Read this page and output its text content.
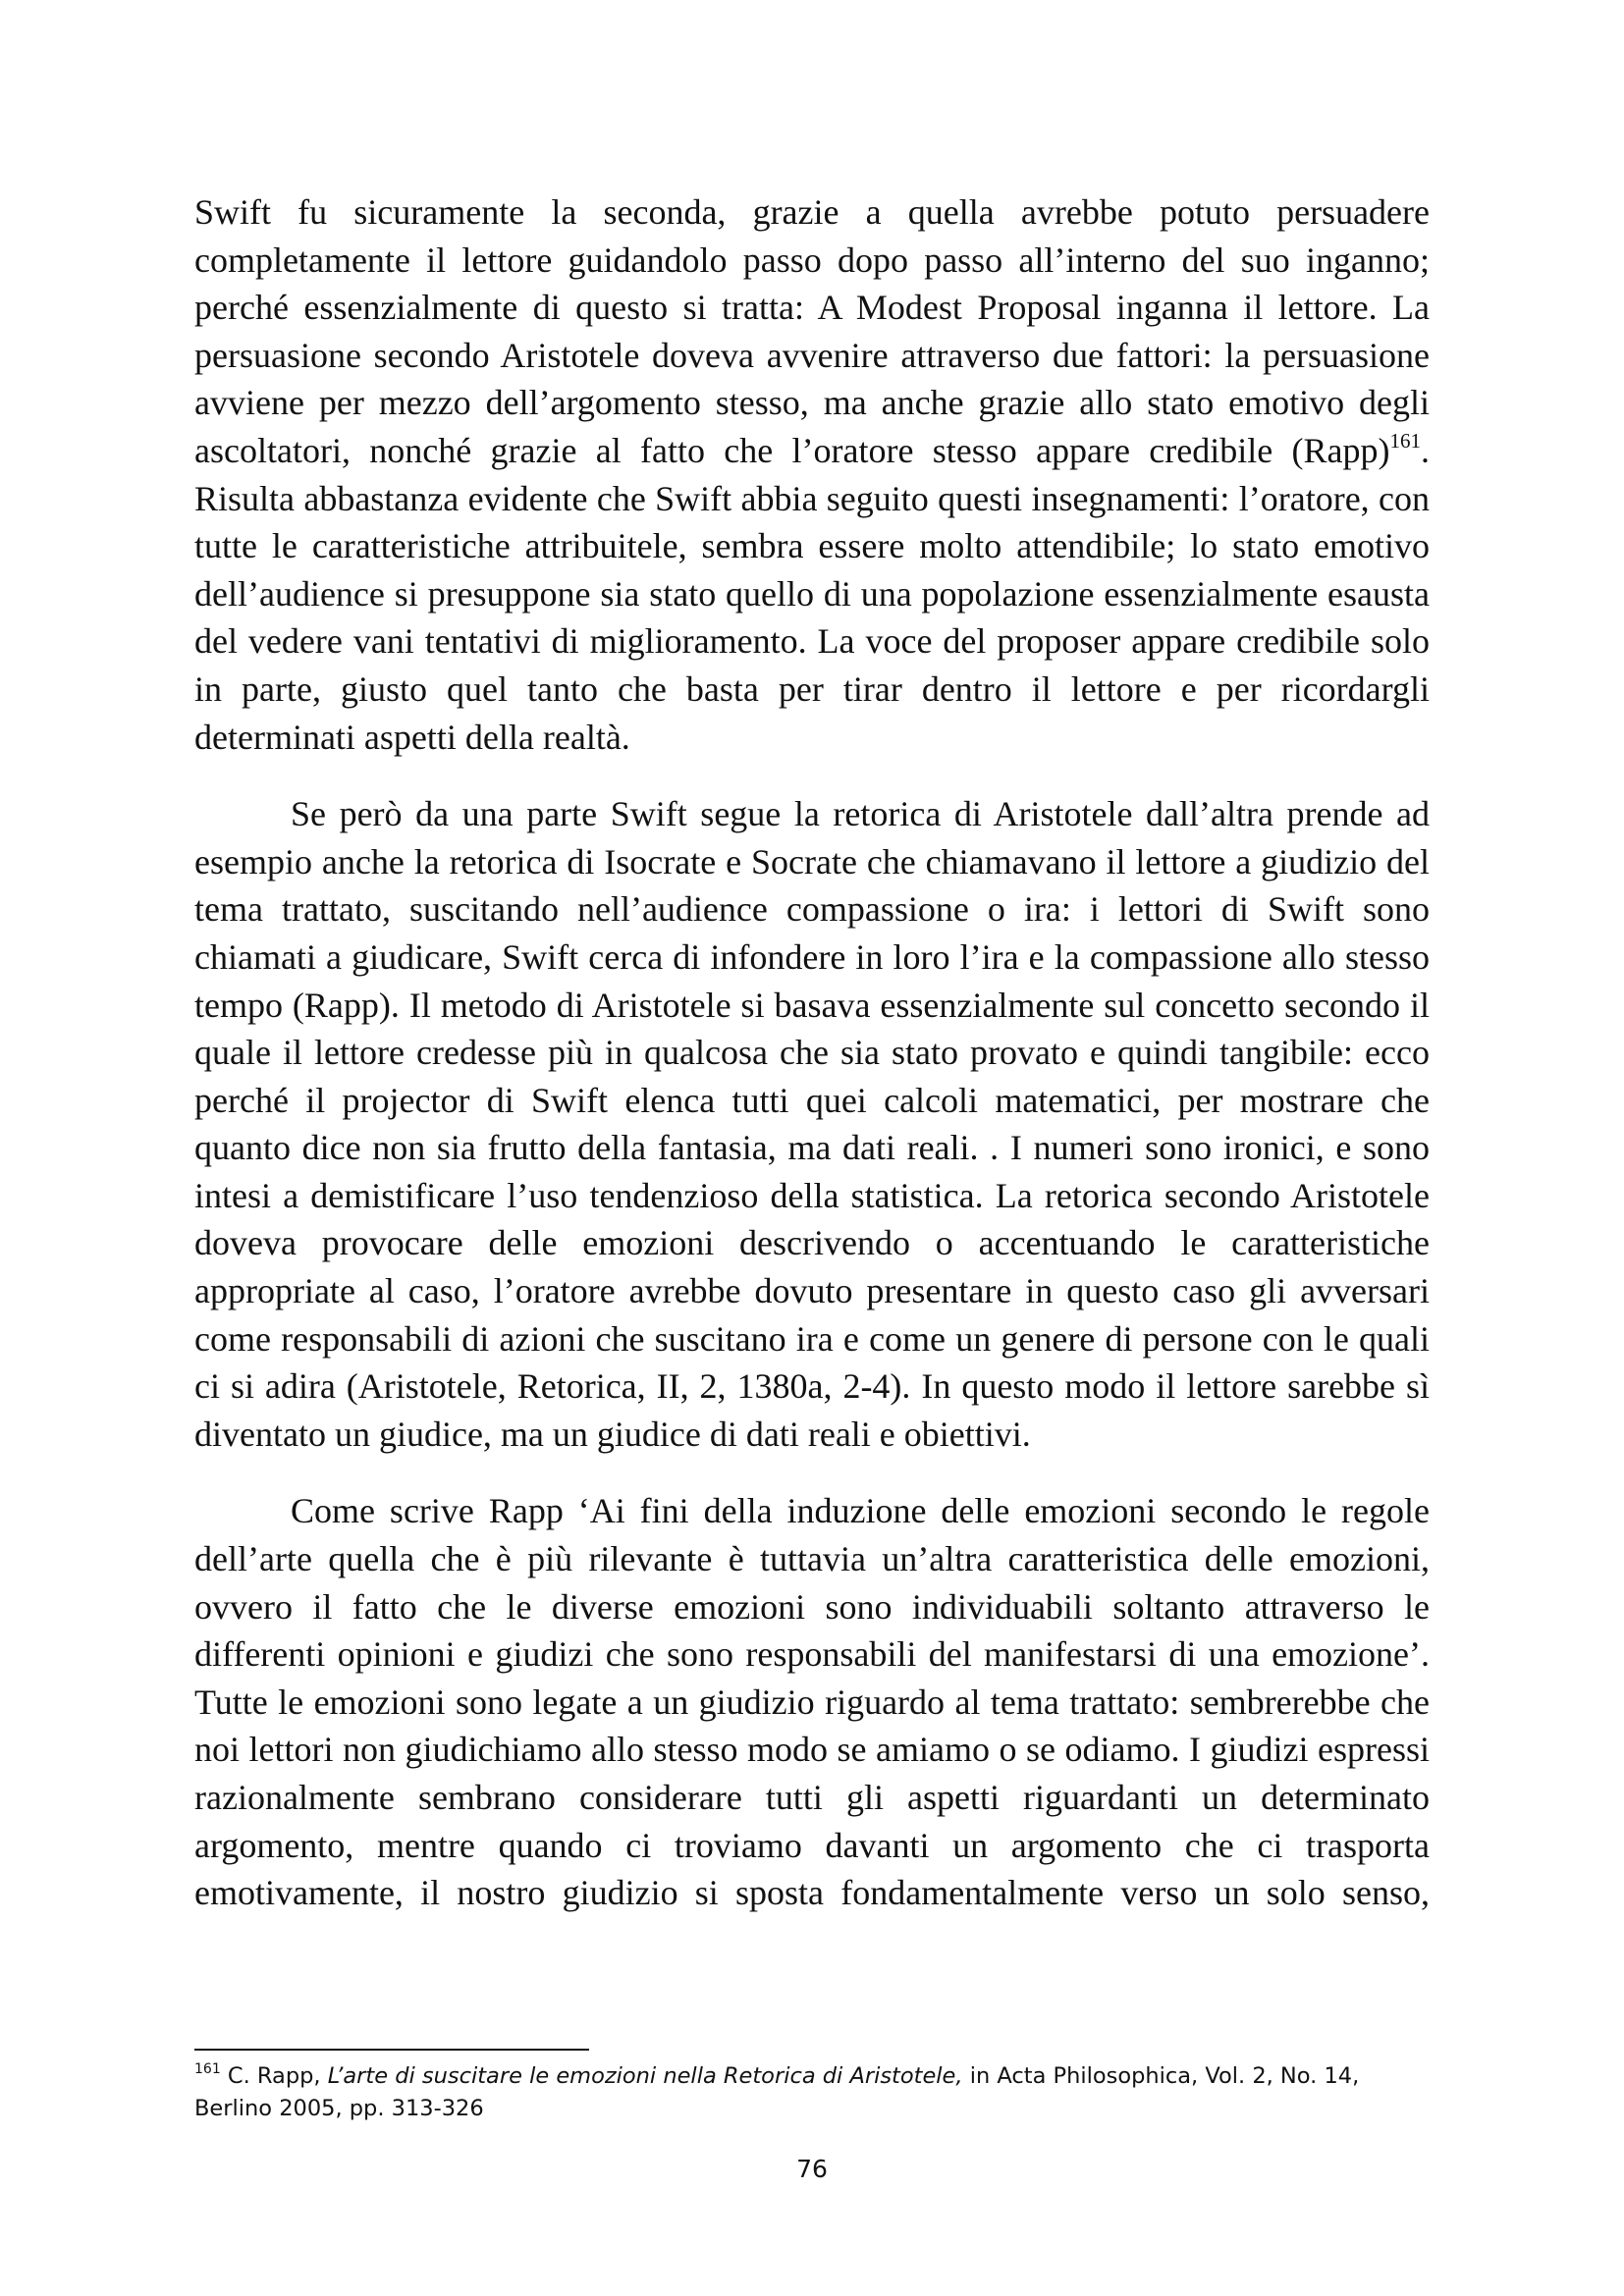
Swift fu sicuramente la seconda, grazie a quella avrebbe potuto persuadere

completamente il lettore guidandolo passo dopo passo all’interno del suo inganno;

perché essenzialmente di questo si tratta: A Modest Proposal inganna il lettore. La

persuasione secondo Aristotele doveva avvenire attraverso due fattori: la persuasione

avviene per mezzo dell’argomento stesso, ma anche grazie allo stato emotivo degli

ascoltatori, nonché grazie al fatto che l’oratore stesso appare credibile (Rapp)$^{161}$.

Risulta abbastanza evidente che Swift abbia seguito questi insegnamenti: l’oratore, con

tutte le caratteristiche attribuitele, sembra essere molto attendibile; lo stato emotivo

dell’audience si presuppone sia stato quello di una popolazione essenzialmente esausta

del vedere vani tentativi di miglioramento. La voce del proposer appare credibile solo

in parte, giusto quel tanto che basta per tirar dentro il lettore e per ricordargli

determinati aspetti della realtà.

Se però da una parte Swift segue la retorica di Aristotele dall’altra prende ad

esempio anche la retorica di Isocrate e Socrate che chiamavano il lettore a giudizio del

tema trattato, suscitando nell’audience compassione o ira: i lettori di Swift sono

chiamati a giudicare, Swift cerca di infondere in loro l’ira e la compassione allo stesso

tempo (Rapp). Il metodo di Aristotele si basava essenzialmente sul concetto secondo il

quale il lettore credesse più in qualcosa che sia stato provato e quindi tangibile: ecco

perché il projector di Swift elenca tutti quei calcoli matematici, per mostrare che

quanto dice non sia frutto della fantasia, ma dati reali. . I numeri sono ironici, e sono

intesi a demistificare l’uso tendenzioso della statistica. La retorica secondo Aristotele

doveva provocare delle emozioni descrivendo o accentuando le caratteristiche

appropriate al caso, l’oratore avrebbe dovuto presentare in questo caso gli avversari

come responsabili di azioni che suscitano ira e come un genere di persone con le quali

ci si adira (Aristotele, Retorica, II, 2, 1380a, 2-4). In questo modo il lettore sarebbe sì

diventato un giudice, ma un giudice di dati reali e obiettivi.

Come scrive Rapp ‘Ai fini della induzione delle emozioni secondo le regole

dell’arte quella che è più rilevante è tuttavia un’altra caratteristica delle emozioni,

ovvero il fatto che le diverse emozioni sono individuabili soltanto attraverso le

differenti opinioni e giudizi che sono responsabili del manifestarsi di una emozione’.

Tutte le emozioni sono legate a un giudizio riguardo al tema trattato: sembrerebbe che

noi lettori non giudichiamo allo stesso modo se amiamo o se odiamo. I giudizi espressi

razionalmente sembrano considerare tutti gli aspetti riguardanti un determinato

argomento, mentre quando ci troviamo davanti un argomento che ci trasporta

emotivamente, il nostro giudizio si sposta fondamentalmente verso un solo senso,

$^{161}$ C. Rapp, L’arte di suscitare le emozioni nella Retorica di Aristotele, in Acta Philosophica, Vol. 2, No. 14,
Berlino 2005, pp. 313-326
76
